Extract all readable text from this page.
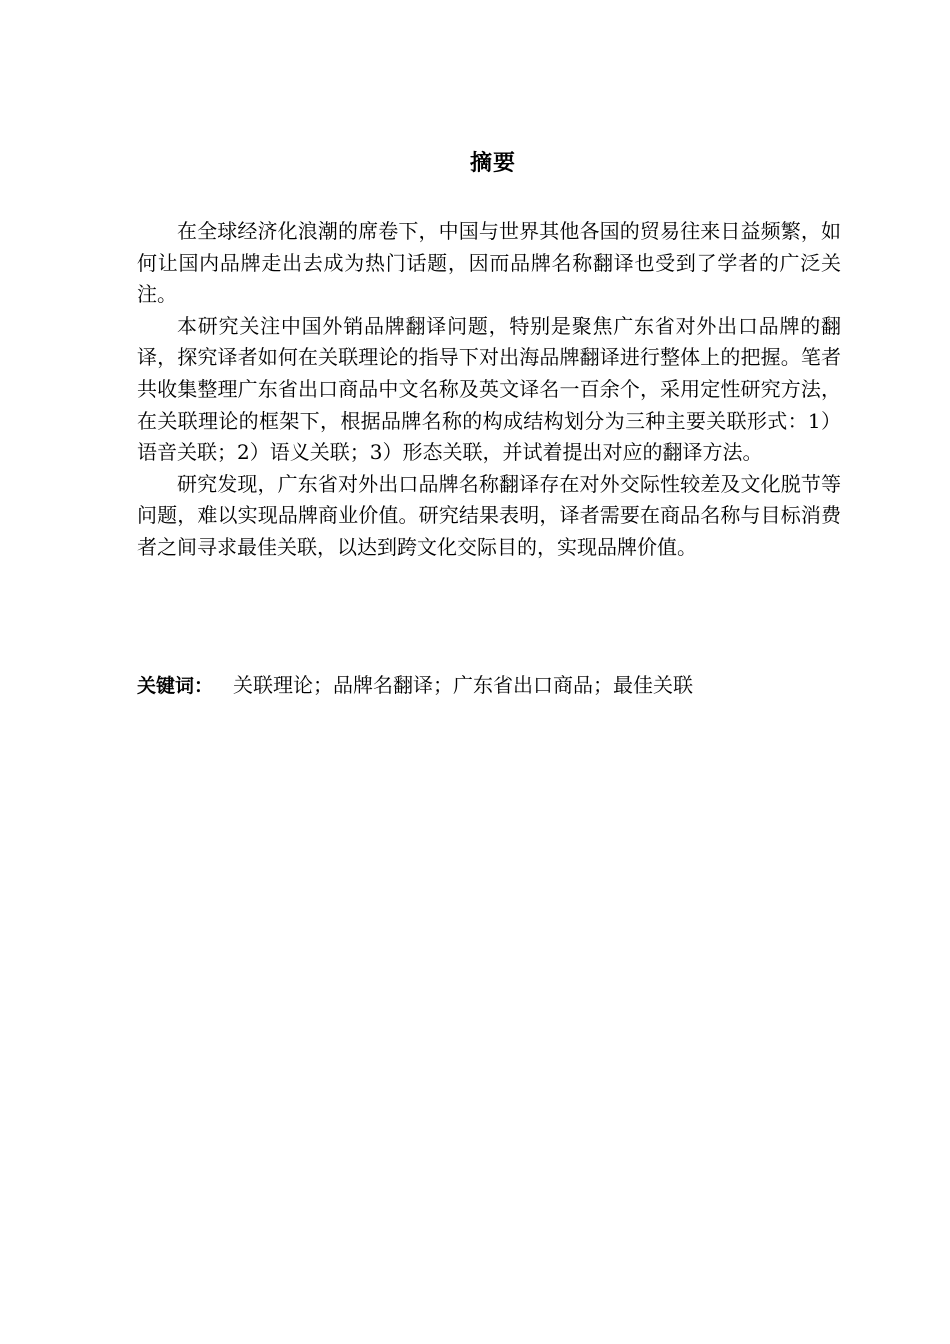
摘要

在全球经济化浪潮的席卷下，中国与世界其他各国的贸易往来日益频繁，如何让国内品牌走出去成为热门话题，因而品牌名称翻译也受到了学者的广泛关注。

本研究关注中国外销品牌翻译问题，特别是聚焦广东省对外出口品牌的翻译，探究译者如何在关联理论的指导下对出海品牌翻译进行整体上的把握。笔者共收集整理广东省出口商品中文名称及英文译名一百余个，采用定性研究方法，在关联理论的框架下，根据品牌名称的构成结构划分为三种主要关联形式：1）语音关联；2）语义关联；3）形态关联，并试着提出对应的翻译方法。

研究发现，广东省对外出口品牌名称翻译存在对外交际性较差及文化脱节等问题，难以实现品牌商业价值。研究结果表明，译者需要在商品名称与目标消费者之间寻求最佳关联，以达到跨文化交际目的，实现品牌价值。

关键词： 关联理论；品牌名翻译；广东省出口商品；最佳关联
